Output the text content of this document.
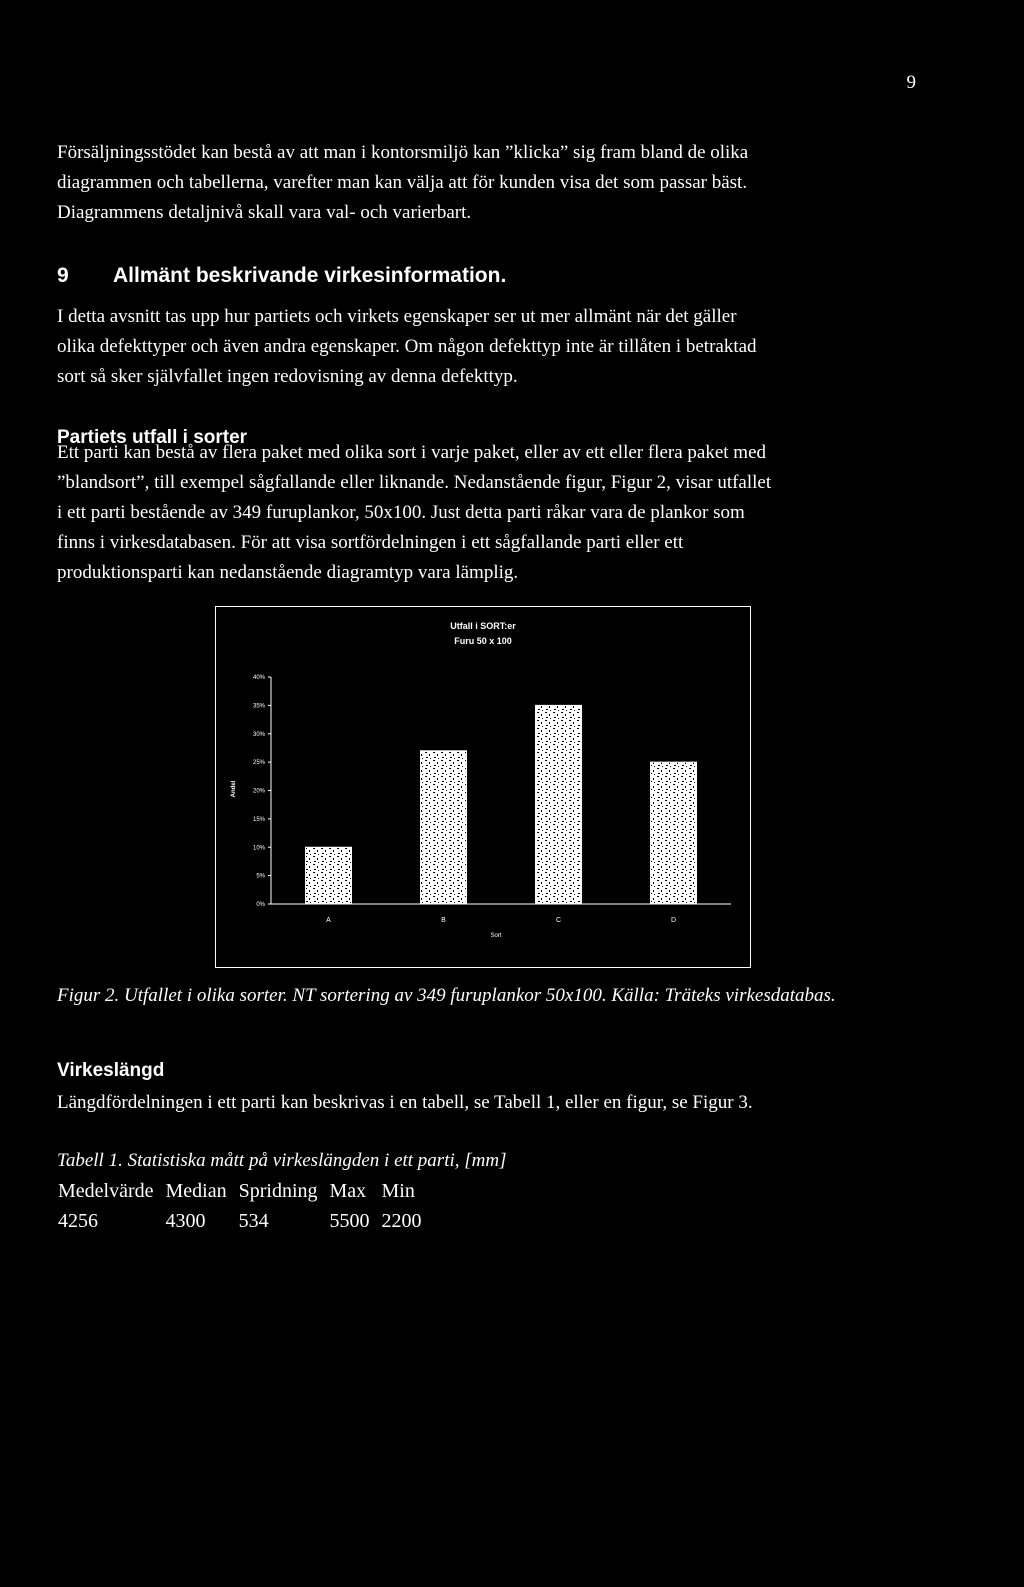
9
Försäljningsstödet kan bestå av att man i kontorsmiljö kan ”klicka” sig fram bland de olika
diagrammen och tabellerna, varefter man kan välja att för kunden visa det som passar bäst.
Diagrammens detaljnivå skall vara val- och varierbart.
9 Allmänt beskrivande virkesinformation.
I detta avsnitt tas upp hur partiets och virkets egenskaper ser ut mer allmänt när det gäller
olika defekttyper och även andra egenskaper. Om någon defekttyp inte är tillåten i betraktad
sort så sker självfallet ingen redovisning av denna defekttyp.
Partiets utfall i sorter
Ett parti kan bestå av flera paket med olika sort i varje paket, eller av ett eller flera paket med
”blandsort”, till exempel sågfallande eller liknande. Nedanstående figur, Figur 2, visar utfallet
i ett parti bestående av 349 furuplankor, 50x100. Just detta parti råkar vara de plankor som
finns i virkesdatabasen. För att visa sortfördelningen i ett sågfallande parti eller ett
produktionsparti kan nedanstående diagramtyp vara lämplig.
Utfall i SORT:er
Furu 50 x 100
0%
5%
10%
15%
20%
25%
30%
35%
40%
A	B	C	D
Sort
Andel
Figur 2. Utfallet i olika sorter. NT sortering av 349 furuplankor 50x100. Källa: Träteks virkesdatabas.
Virkeslängd
Längdfördelningen i ett parti kan beskrivas i en tabell, se Tabell 1, eller en figur, se Figur 3.
Tabell 1. Statistiska mått på virkeslängden i ett parti, [mm]
Medelvärde	Median	Spridning	Max	Min
4256	4300	534	5500	2200
